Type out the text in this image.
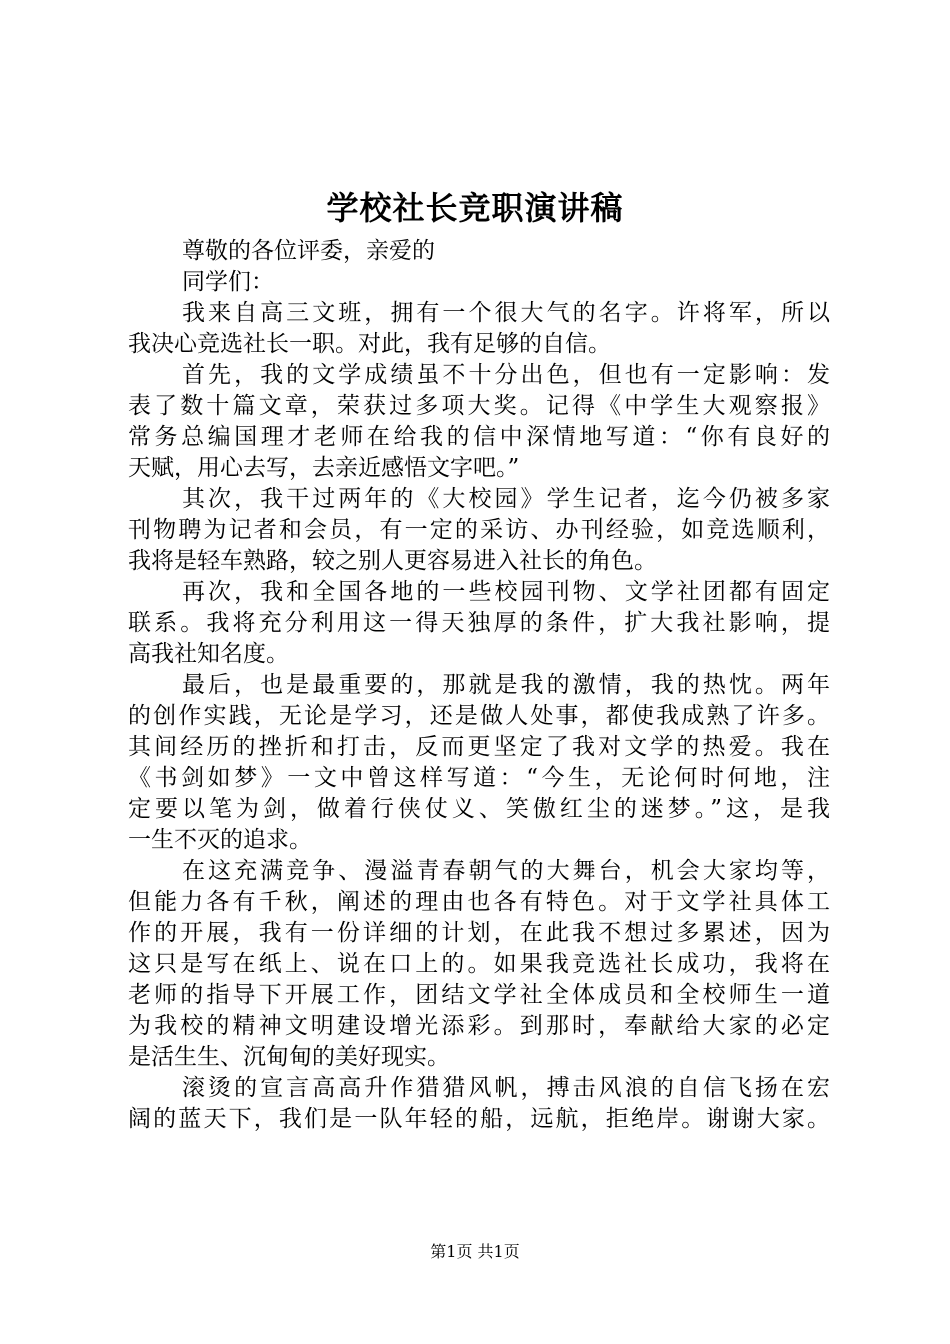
学校社长竞职演讲稿
尊敬的各位评委，亲爱的
同学们：
我来自高三文班，拥有一个很大气的名字。许将军，所以
我决心竞选社长一职。对此，我有足够的自信。
首先，我的文学成绩虽不十分出色，但也有一定影响：发
表了数十篇文章，荣获过多项大奖。记得《中学生大观察报》
常务总编国理才老师在给我的信中深情地写道：“你有良好的
天赋，用心去写，去亲近感悟文字吧。”
其次，我干过两年的《大校园》学生记者，迄今仍被多家
刊物聘为记者和会员，有一定的采访、办刊经验，如竞选顺利，
我将是轻车熟路，较之别人更容易进入社长的角色。
再次，我和全国各地的一些校园刊物、文学社团都有固定
联系。我将充分利用这一得天独厚的条件，扩大我社影响，提
高我社知名度。
最后，也是最重要的，那就是我的激情，我的热忱。两年
的创作实践，无论是学习，还是做人处事，都使我成熟了许多。
其间经历的挫折和打击，反而更坚定了我对文学的热爱。我在
《书剑如梦》一文中曾这样写道：“今生，无论何时何地，注
定要以笔为剑，做着行侠仗义、笑傲红尘的迷梦。”这，是我
一生不灭的追求。
在这充满竞争、漫溢青春朝气的大舞台，机会大家均等，
但能力各有千秋，阐述的理由也各有特色。对于文学社具体工
作的开展，我有一份详细的计划，在此我不想过多累述，因为
这只是写在纸上、说在口上的。如果我竞选社长成功，我将在
老师的指导下开展工作，团结文学社全体成员和全校师生一道
为我校的精神文明建设增光添彩。到那时，奉献给大家的必定
是活生生、沉甸甸的美好现实。
滚烫的宣言高高升作猎猎风帆，搏击风浪的自信飞扬在宏
阔的蓝天下，我们是一队年轻的船，远航，拒绝岸。谢谢大家。
第1页 共1页
